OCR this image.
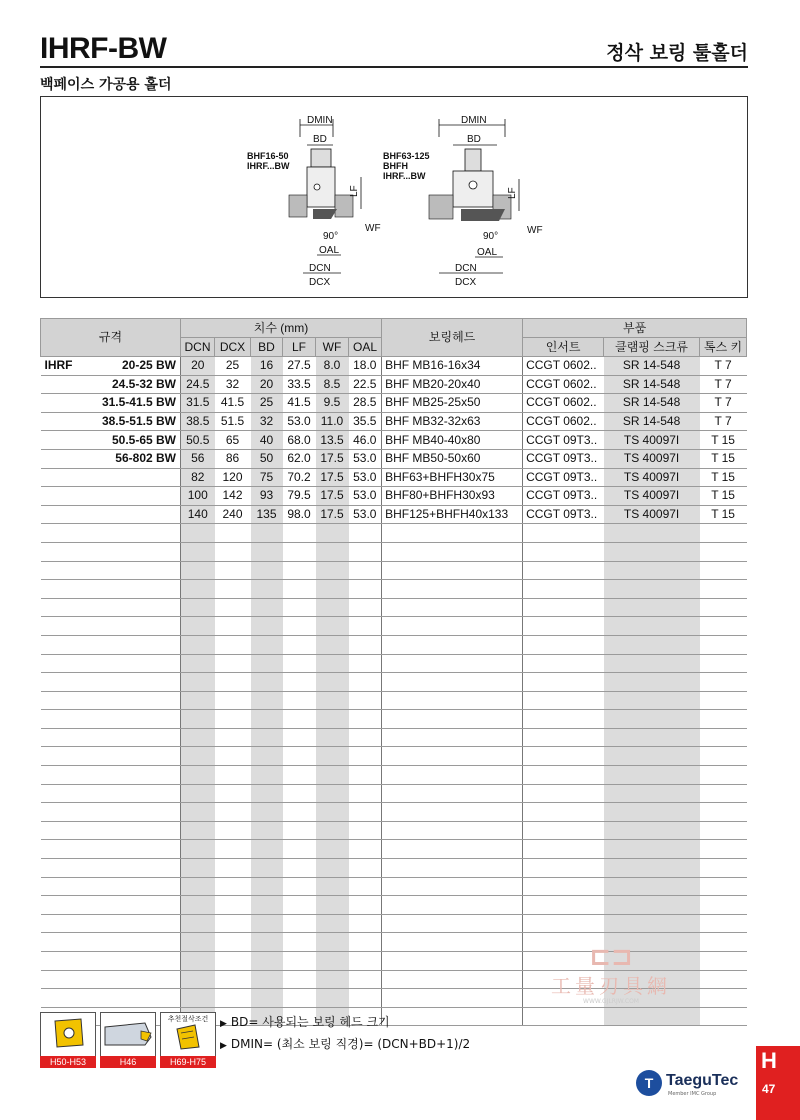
IHRF-BW	정삭 보링 툴홀더
백페이스 가공용 홀더
DMIN
BD
BHF16-50
IHRF...BW
LF
WF
90°
OAL
DCN
DCX
DMIN
BD
BHF63-125
BHFH
IHRF...BW
LF
WF
90°
OAL
DCN
DCX
규격	치수 (mm)						보링헤드	부품		
	DCN	DCX	BD	LF	WF	OAL		인서트	클램핑 스크류	톡스 키

IHRF 20-25 BW	20	25	16	27.5	8.0	18.0	BHF MB16-16x34	CCGT 0602..	SR 14-548	T 7
24.5-32 BW	24.5	32	20	33.5	8.5	22.5	BHF MB20-20x40	CCGT 0602..	SR 14-548	T 7
31.5-41.5 BW	31.5	41.5	25	41.5	9.5	28.5	BHF MB25-25x50	CCGT 0602..	SR 14-548	T 7
38.5-51.5 BW	38.5	51.5	32	53.0	11.0	35.5	BHF MB32-32x63	CCGT 0602..	SR 14-548	T 7
50.5-65 BW	50.5	65	40	68.0	13.5	46.0	BHF MB40-40x80	CCGT 09T3..	TS 40097I	T 15
56-802 BW	56	86	50	62.0	17.5	53.0	BHF MB50-50x60	CCGT 09T3..	TS 40097I	T 15
	82	120	75	70.2	17.5	53.0	BHF63+BHFH30x75	CCGT 09T3..	TS 40097I	T 15
	100	142	93	79.5	17.5	53.0	BHF80+BHFH30x93	CCGT 09T3..	TS 40097I	T 15
	140	240	135	98.0	17.5	53.0	BHF125+BHFH40x133	CCGT 09T3..	TS 40097I	T 15

⊏⊐
工量刃具網
WWW.GJLRJW.COM
H50-H53	H46
추천절삭조건
H69-H75
▶ BD= 사용되는 보링 헤드 크기
▶ DMIN= (최소 보링 직경)= (DCN+BD+1)/2
T TaeguTec
Member IMC Group
H
47
